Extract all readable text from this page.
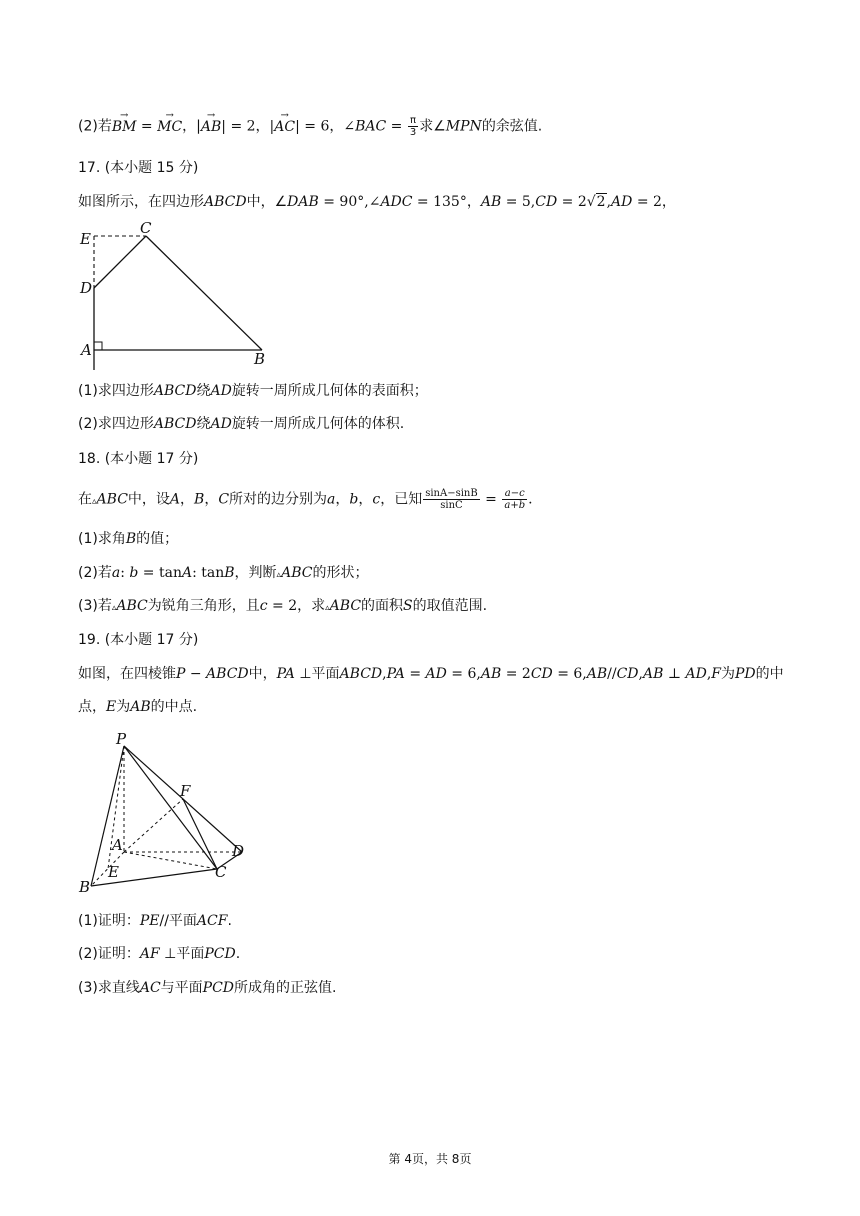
(2)若→ BM = → MC，|→ AB| = 2，|→ AC| = 6，∠BAC = $\frac{\pi}{3}$ 求∠MPN的余弦值.
17. (本小题 15 分)
如图所示，在四边形ABCD中，∠DAB = 90°,∠ADC = 135°，AB = 5,CD = 2√2,AD = 2，
E
C
D
A	B
(1)求四边形ABCD绕AD旋转一周所成几何体的表面积；
(2)求四边形ABCD绕AD旋转一周所成几何体的体积.
18. (本小题 17 分)
在▵ABC中，设A，B，C所对的边分别为a，b，c，已知 $\frac{\sin A-\sin B}{\sin C} = \frac{a-c}{a+b}$ .
(1)求角B的值；
(2)若a: b = tanA: tanB，判断▵ABC的形状；
(3)若▵ABC为锐角三角形，且c = 2，求▵ABC的面积S的取值范围.
19. (本小题 17 分)
如图，在四棱锥P − ABCD中，PA ⊥平面ABCD,PA = AD = 6,AB = 2CD = 6,AB//CD,AB ⊥ AD,F为PD的中
点，E为AB的中点.
P
F
A	D
E	C
B
(1)证明：PE//平面ACF.
(2)证明：AF ⊥平面PCD.
(3)求直线AC与平面PCD所成角的正弦值.
第 4页，共 8页
